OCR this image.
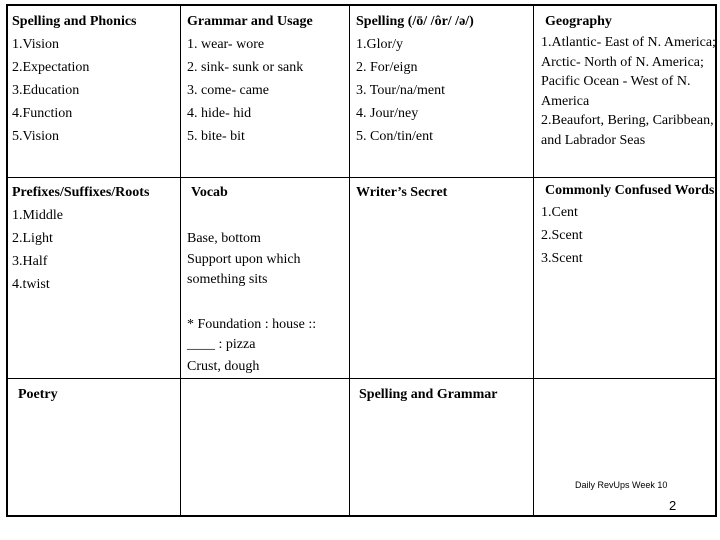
Spelling and Phonics
1.Vision
2.Expectation
3.Education
4.Function
5.Vision
Grammar and Usage
1. wear- wore
2. sink- sunk or sank
3. come- came
4. hide- hid
5. bite- bit
Spelling (/ō/ /ôr/ /ә/)
1.Glor/y
2. For/eign
3. Tour/na/ment
4. Jour/ney
5. Con/tin/ent
Geography
1.Atlantic- East of N. America; Arctic- North of N. America; Pacific Ocean - West of N. America
2.Beaufort, Bering, Caribbean, and Labrador Seas
Prefixes/Suffixes/Roots
1.Middle
2.Light
3.Half
4.twist
Vocab
Base, bottom
Support upon which something sits
* Foundation : house :: ____ : pizza
Crust, dough
Writer’s Secret	Commonly Confused Words
1.Cent
2.Scent
3.Scent
Poetry	Spelling and Grammar
Daily RevUps Week 10
2
